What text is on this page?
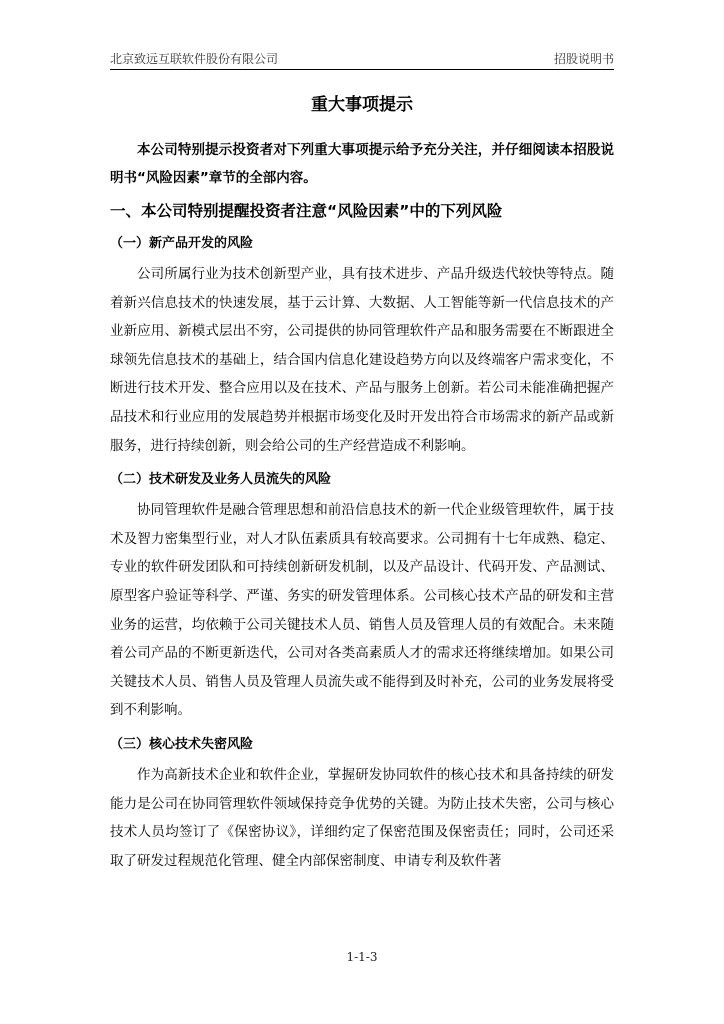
北京致远互联软件股份有限公司	招股说明书
重大事项提示

本公司特别提示投资者对下列重大事项提示给予充分关注，并仔细阅读本招股说明书“风险因素”章节的全部内容。

一、本公司特别提醒投资者注意“风险因素”中的下列风险
（一）新产品开发的风险

公司所属行业为技术创新型产业，具有技术进步、产品升级迭代较快等特点。随着新兴信息技术的快速发展，基于云计算、大数据、人工智能等新一代信息技术的产业新应用、新模式层出不穷，公司提供的协同管理软件产品和服务需要在不断跟进全球领先信息技术的基础上，结合国内信息化建设趋势方向以及终端客户需求变化，不断进行技术开发、整合应用以及在技术、产品与服务上创新。若公司未能准确把握产品技术和行业应用的发展趋势并根据市场变化及时开发出符合市场需求的新产品或新服务，进行持续创新，则会给公司的生产经营造成不利影响。

（二）技术研发及业务人员流失的风险

协同管理软件是融合管理思想和前沿信息技术的新一代企业级管理软件，属于技术及智力密集型行业，对人才队伍素质具有较高要求。公司拥有十七年成熟、稳定、专业的软件研发团队和可持续创新研发机制，以及产品设计、代码开发、产品测试、原型客户验证等科学、严谨、务实的研发管理体系。公司核心技术产品的研发和主营业务的运营，均依赖于公司关键技术人员、销售人员及管理人员的有效配合。未来随着公司产品的不断更新迭代，公司对各类高素质人才的需求还将继续增加。如果公司关键技术人员、销售人员及管理人员流失或不能得到及时补充，公司的业务发展将受到不利影响。

（三）核心技术失密风险

作为高新技术企业和软件企业，掌握研发协同软件的核心技术和具备持续的研发能力是公司在协同管理软件领域保持竞争优势的关键。为防止技术失密，公司与核心技术人员均签订了《保密协议》，详细约定了保密范围及保密责任；同时，公司还采取了研发过程规范化管理、健全内部保密制度、申请专利及软件著

1-1-3
